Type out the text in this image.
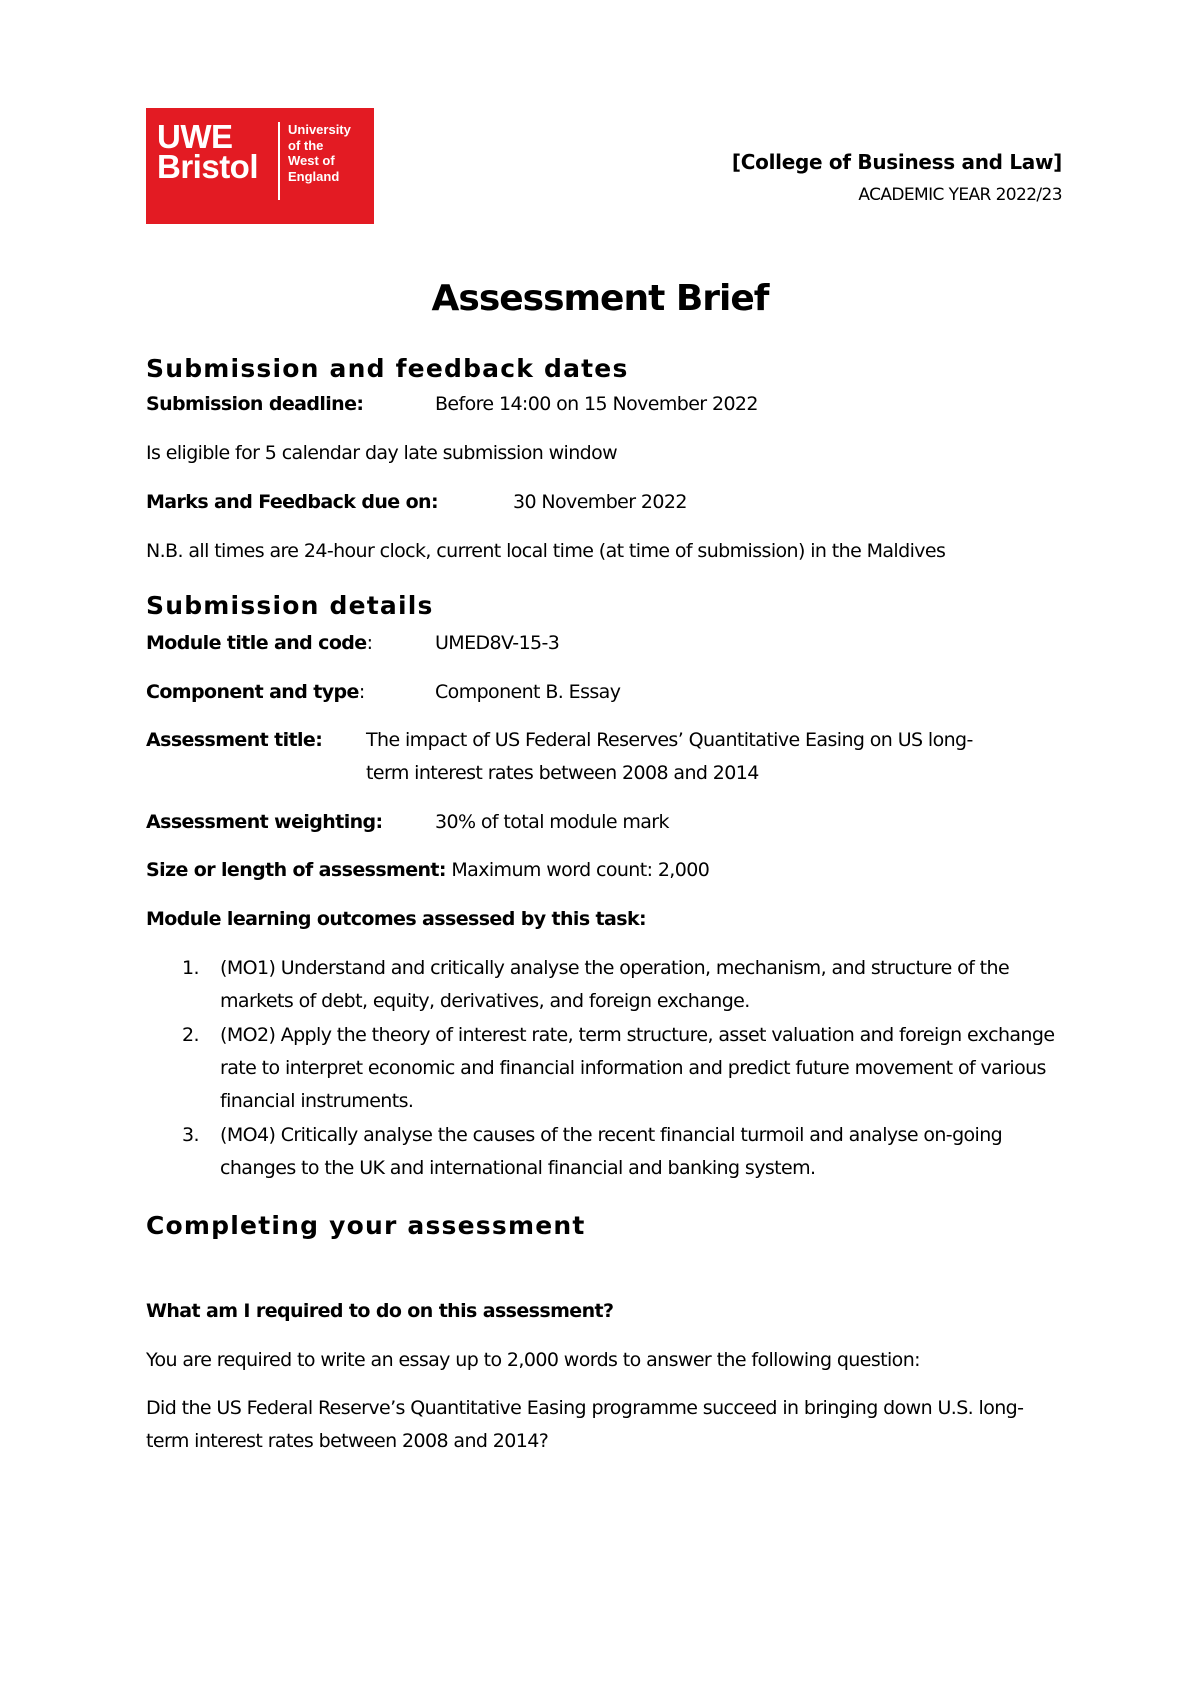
UWE
Bristol
University
of the
West of
England
[College of Business and Law]
ACADEMIC YEAR 2022/23
Assessment Brief
Submission and feedback dates
Submission deadline:	Before 14:00 on 15 November 2022
Is eligible for 5 calendar day late submission window
Marks and Feedback due on:	30 November 2022
N.B. all times are 24-hour clock, current local time (at time of submission) in the Maldives
Submission details
Module title and code:	UMED8V-15-3
Component and type:	Component B. Essay
Assessment title: The impact of US Federal Reserves’ Quantitative Easing on US long-
term interest rates between 2008 and 2014
Assessment weighting:	30% of total module mark
Size or length of assessment: Maximum word count: 2,000
Module learning outcomes assessed by this task:
1. (MO1) Understand and critically analyse the operation, mechanism, and structure of the markets of debt, equity, derivatives, and foreign exchange.
2. (MO2) Apply the theory of interest rate, term structure, asset valuation and foreign exchange rate to interpret economic and financial information and predict future movement of various financial instruments.
3. (MO4) Critically analyse the causes of the recent financial turmoil and analyse on-going changes to the UK and international financial and banking system.
Completing your assessment
What am I required to do on this assessment?
You are required to write an essay up to 2,000 words to answer the following question:
Did the US Federal Reserve’s Quantitative Easing programme succeed in bringing down U.S. long-term interest rates between 2008 and 2014?
